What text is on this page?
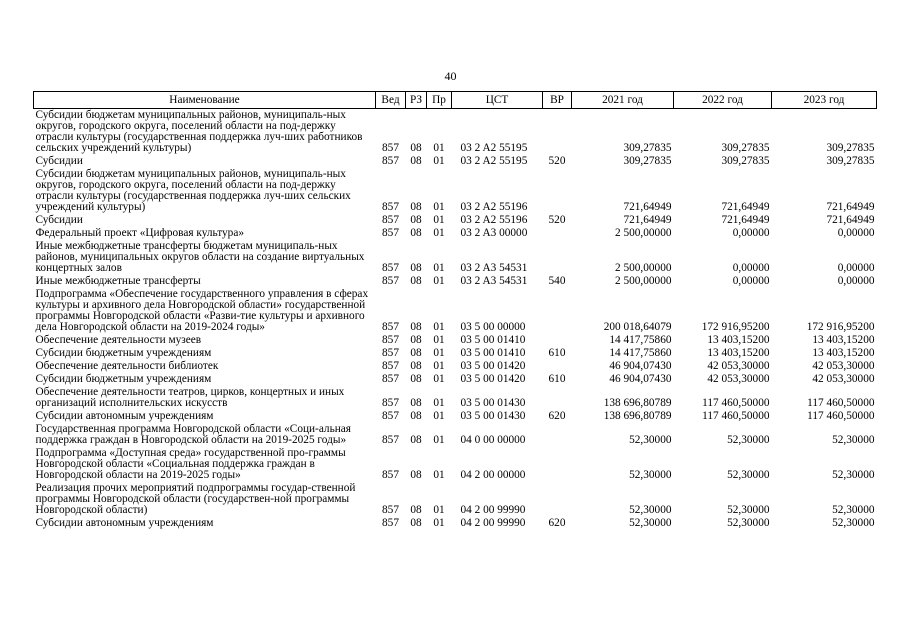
40
Наименование	Вед	РЗ	Пр	ЦСТ	ВР	2021 год	2022 год	2023 год
Субсидии бюджетам муниципальных районов, муниципаль-ных округов, городского округа, поселений области на под-держку отрасли культуры (государственная поддержка луч-ших работников сельских учреждений культуры)	857	08	01	03 2 A2 55195		309,27835	309,27835	309,27835
Субсидии	857	08	01	03 2 A2 55195	520	309,27835	309,27835	309,27835
Субсидии бюджетам муниципальных районов, муниципаль-ных округов, городского округа, поселений области на под-держку отрасли культуры (государственная поддержка луч-ших сельских учреждений культуры)	857	08	01	03 2 A2 55196		721,64949	721,64949	721,64949
Субсидии	857	08	01	03 2 A2 55196	520	721,64949	721,64949	721,64949
Федеральный проект «Цифровая культура»	857	08	01	03 2 A3 00000		2 500,00000	0,00000	0,00000
Иные межбюджетные трансферты бюджетам муниципаль-ных районов, муниципальных округов области на создание виртуальных концертных залов	857	08	01	03 2 A3 54531		2 500,00000	0,00000	0,00000
Иные межбюджетные трансферты	857	08	01	03 2 A3 54531	540	2 500,00000	0,00000	0,00000
Подпрограмма «Обеспечение государственного управления в сферах культуры и архивного дела Новгородской области» государственной программы Новгородской области «Разви-тие культуры и архивного дела Новгородской области на 2019-2024 годы»	857	08	01	03 5 00 00000		200 018,64079	172 916,95200	172 916,95200
Обеспечение деятельности музеев	857	08	01	03 5 00 01410		14 417,75860	13 403,15200	13 403,15200
Субсидии бюджетным учреждениям	857	08	01	03 5 00 01410	610	14 417,75860	13 403,15200	13 403,15200
Обеспечение деятельности библиотек	857	08	01	03 5 00 01420		46 904,07430	42 053,30000	42 053,30000
Субсидии бюджетным учреждениям	857	08	01	03 5 00 01420	610	46 904,07430	42 053,30000	42 053,30000
Обеспечение деятельности театров, цирков, концертных и иных организаций исполнительских искусств	857	08	01	03 5 00 01430		138 696,80789	117 460,50000	117 460,50000
Субсидии автономным учреждениям	857	08	01	03 5 00 01430	620	138 696,80789	117 460,50000	117 460,50000
Государственная программа Новгородской области «Соци-альная поддержка граждан в Новгородской области на 2019-2025 годы»	857	08	01	04 0 00 00000		52,30000	52,30000	52,30000
Подпрограмма «Доступная среда» государственной про-граммы Новгородской области «Социальная поддержка граждан в Новгородской области на 2019-2025 годы»	857	08	01	04 2 00 00000		52,30000	52,30000	52,30000
Реализация прочих мероприятий подпрограммы государ-ственной программы Новгородской области (государствен-ной программы Новгородской области)	857	08	01	04 2 00 99990		52,30000	52,30000	52,30000
Субсидии автономным учреждениям	857	08	01	04 2 00 99990	620	52,30000	52,30000	52,30000
